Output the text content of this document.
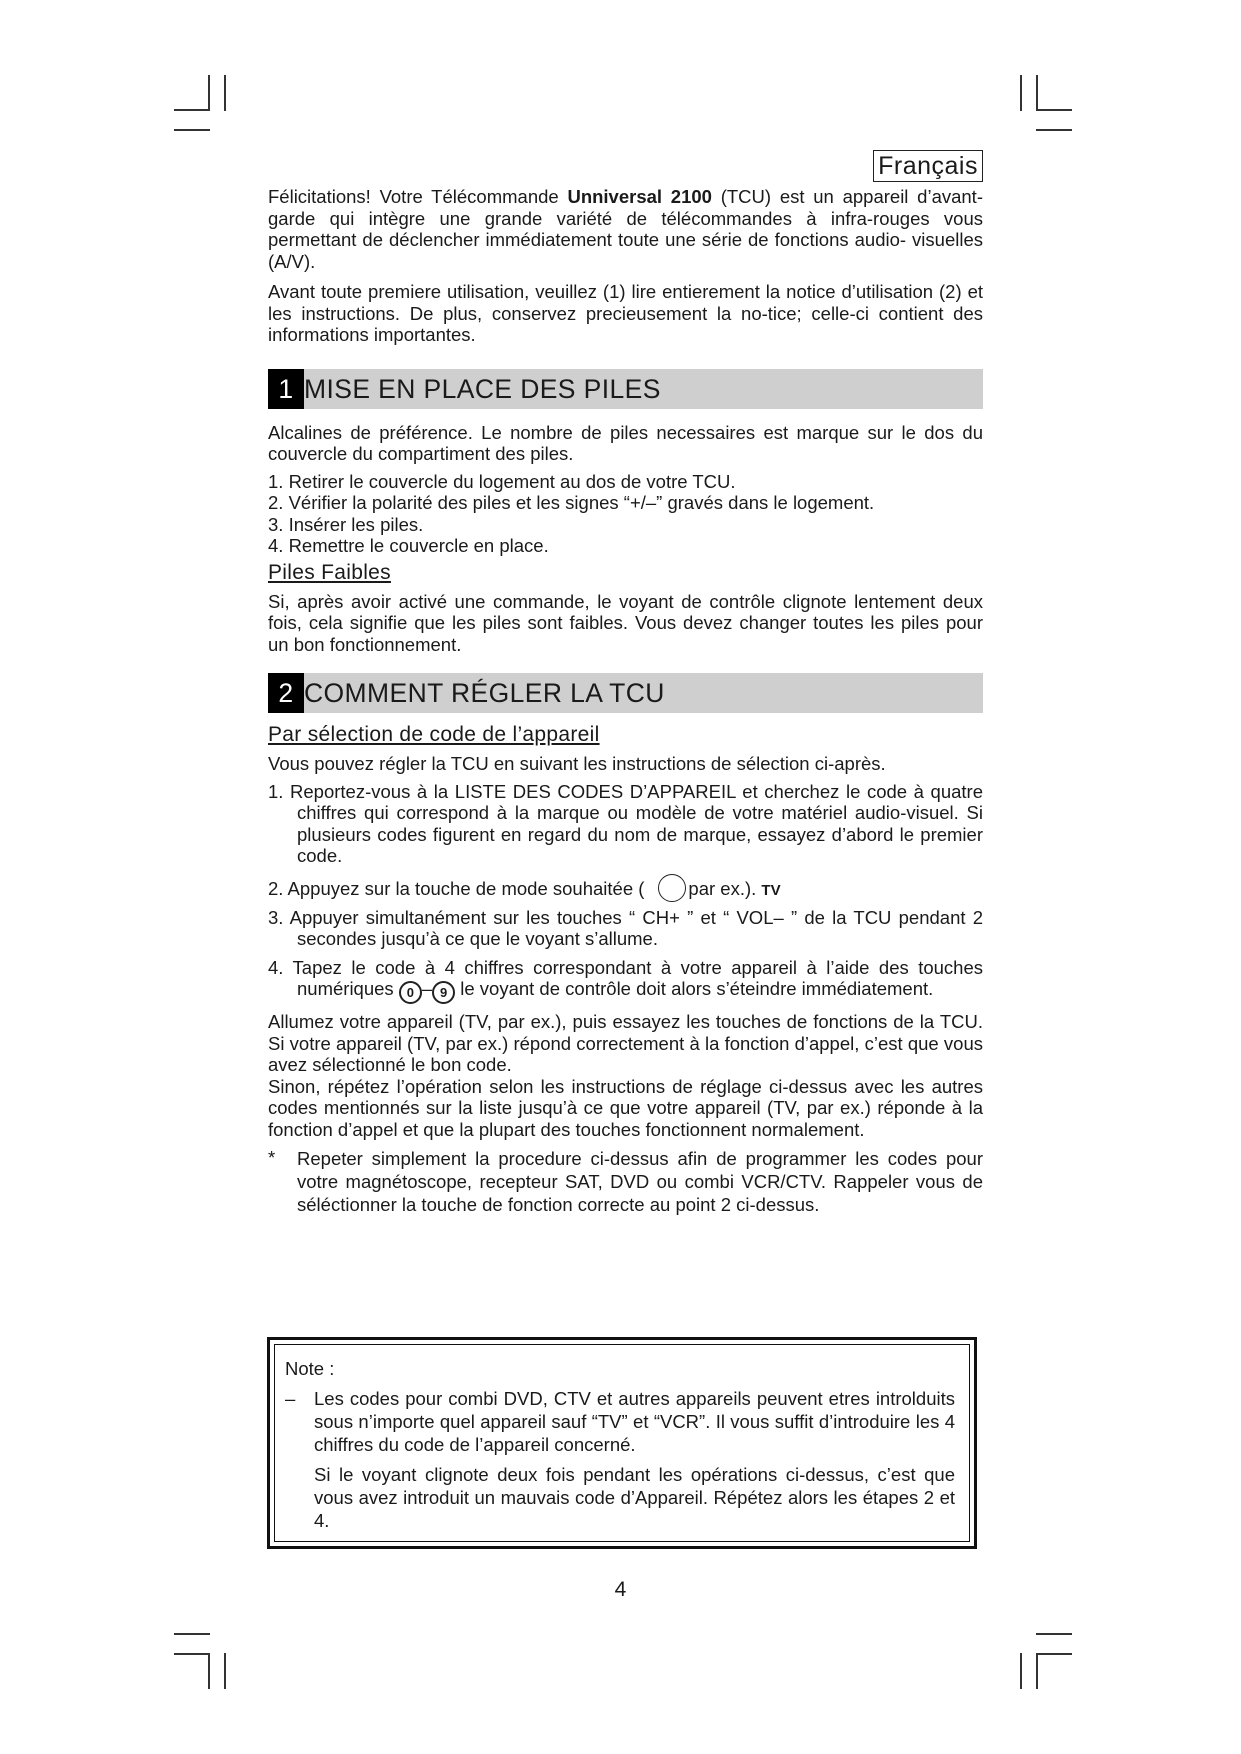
Français

Félicitations! Votre Télécommande Unniversal 2100 (TCU) est un appareil d’avant- garde qui intègre une grande variété de télécommandes à infra-rouges vous permettant de déclencher immédiatement toute une série de fonctions audio- visuelles (A/V).

Avant toute premiere utilisation, veuillez (1) lire entierement la notice d’utilisation (2) et les instructions. De plus, conservez precieusement la no-tice; celle-ci contient des informations importantes.

1 MISE EN PLACE DES PILES

Alcalines de préférence. Le nombre de piles necessaires est marque sur le dos du couvercle du compartiment des piles.

1. Retirer le couvercle du logement au dos de votre TCU.
2. Vérifier la polarité des piles et les signes “+/–” gravés dans le logement.
3. Insérer les piles.
4. Remettre le couvercle en place.
Piles Faibles

Si, après avoir activé une commande, le voyant de contrôle clignote lentement deux fois, cela signifie que les piles sont faibles. Vous devez changer toutes les piles pour un bon fonctionnement.

2 COMMENT RÉGLER LA TCU
Par sélection de code de l’appareil

Vous pouvez régler la TCU en suivant les instructions de sélection ci-après.

1. Reportez-vous à la LISTE DES CODES D’APPAREIL et cherchez le code à quatre chiffres qui correspond à la marque ou modèle de votre matériel audio-visuel. Si plusieurs codes figurent en regard du nom de marque, essayez d’abord le premier code.

2. Appuyez sur la touche de mode souhaitée ( par ex.). TV

3. Appuyer simultanément sur les touches “ CH+ ” et “ VOL– ” de la TCU pendant 2 secondes jusqu’à ce que le voyant s’allume.

4. Tapez le code à 4 chiffres correspondant à votre appareil à l’aide des touches numériques 0 – 9 le voyant de contrôle doit alors s’éteindre immédiatement.

Allumez votre appareil (TV, par ex.), puis essayez les touches de fonctions de la TCU. Si votre appareil (TV, par ex.) répond correctement à la fonction d’appel, c’est que vous avez sélectionné le bon code.

Sinon, répétez l’opération selon les instructions de réglage ci-dessus avec les autres codes mentionnés sur la liste jusqu’à ce que votre appareil (TV, par ex.) réponde à la fonction d’appel et que la plupart des touches fonctionnent normalement.

*	Repeter simplement la procedure ci-dessus afin de programmer les codes pour votre magnétoscope, recepteur SAT, DVD ou combi VCR/CTV. Rappeler vous de séléctionner la touche de fonction correcte au point 2 ci-dessus.

Note :
–	Les codes pour combi DVD, CTV et autres appareils peuvent etres introlduits sous n’importe quel appareil sauf “TV” et “VCR”. Il vous suffit d’introduire les 4 chiffres du code de l’appareil concerné.

Si le voyant clignote deux fois pendant les opérations ci-dessus, c’est que vous avez introduit un mauvais code d’Appareil. Répétez alors les étapes 2 et 4.

4
